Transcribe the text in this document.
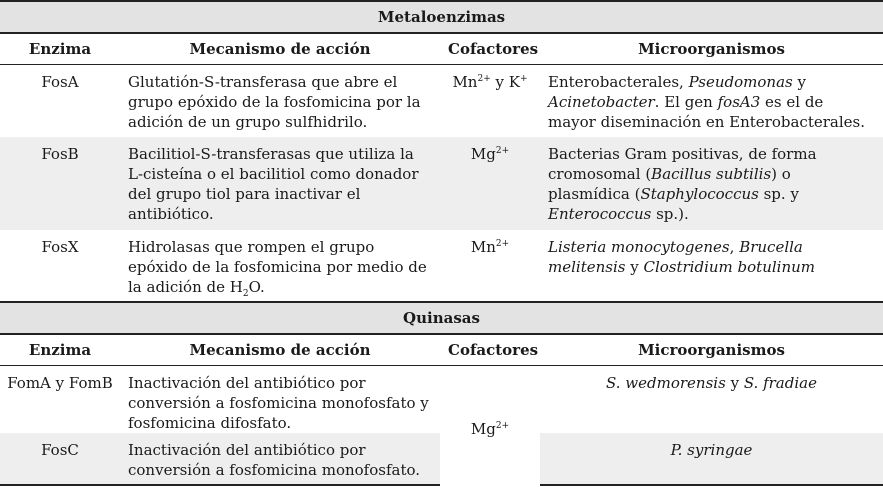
Metaloenzimas			
Enzima	Mecanismo de acción	Cofactores	Microorganismos
FosA	Glutatión-S-transferasa que abre el grupo epóxido de la fosfomicina por la adición de un grupo sulfhidrilo.	$Mn^{2+}$ y K+	Enterobacterales, Pseudomonas y Acinetobacter. El gen fosA3 es el de mayor diseminación en Enterobacterales.
FosB	Bacilitiol-S-transferasas que utiliza la L-cisteína o el bacilitiol como donador del grupo tiol para inactivar el antibiótico.	$Mg^{2+}$	Bacterias Gram positivas, de forma cromosomal (Bacillus subtilis) o plasmídica (Staphylococcus sp. y Enterococcus sp.).
FosX	Hidrolasas que rompen el grupo epóxido de la fosfomicina por medio de la adición de $H_2O$.	$Mn^{2+}$	Listeria monocytogenes, Brucella melitensis y Clostridium botulinum
Quinasas			
Enzima	Mecanismo de acción	Cofactores	Microorganismos
FomA y FomB	Inactivación del antibiótico por conversión a fosfomicina monofosfato y fosfomicina difosfato.	$Mg^{2+}$	S. wedmorensis y S. fradiae
FosC	Inactivación del antibiótico por conversión a fosfomicina monofosfato.		P. syringae
